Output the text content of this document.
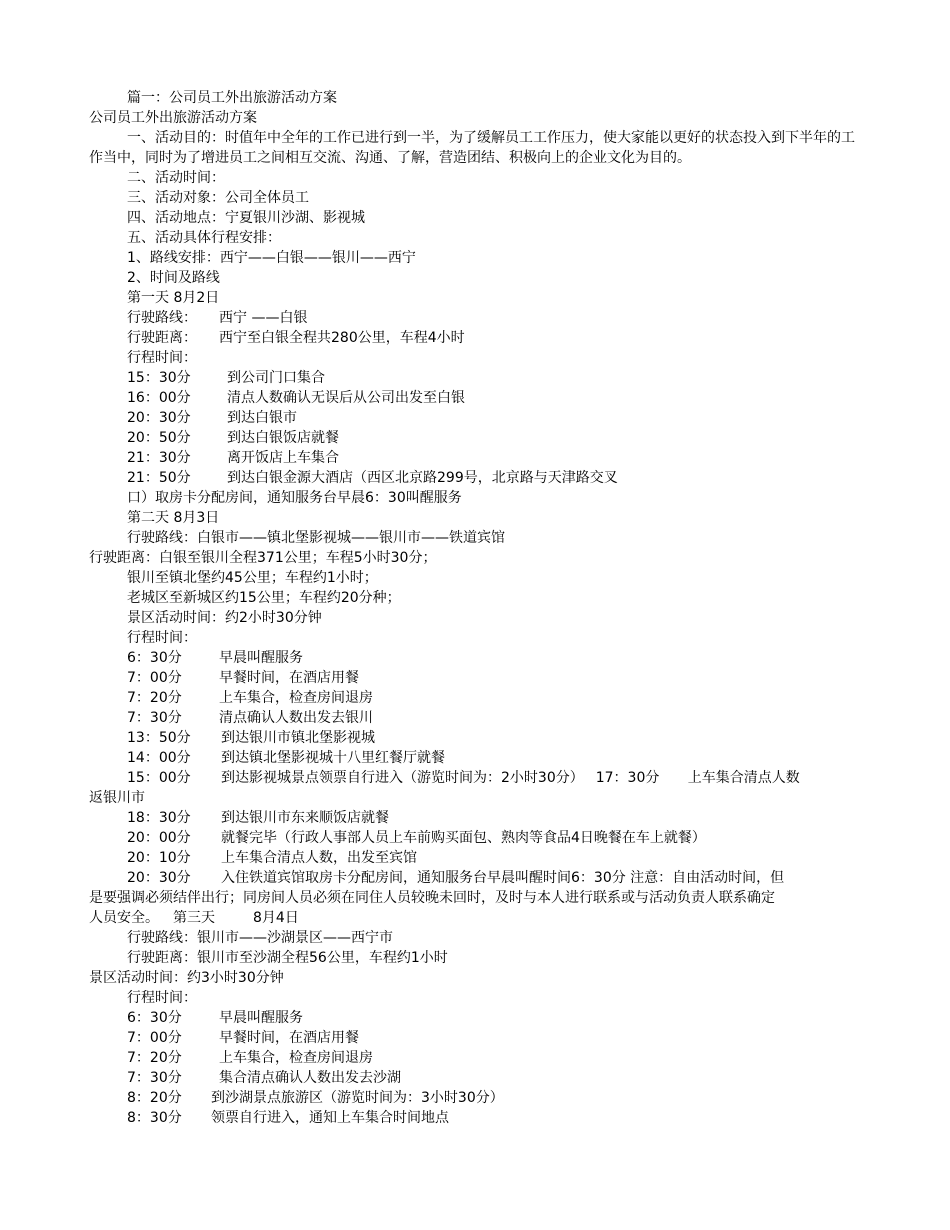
篇一：公司员工外出旅游活动方案

公司员工外出旅游活动方案

一、活动目的：时值年中全年的工作已进行到一半，为了缓解员工工作压力，使大家能以更好的状态投入到下半年的工作当中，同时为了增进员工之间相互交流、沟通、了解，营造团结、积极向上的企业文化为目的。

二、活动时间：

三、活动对象：公司全体员工

四、活动地点：宁夏银川沙湖、影视城

五、活动具体行程安排：

1、路线安排：西宁——白银——银川——西宁

2、时间及路线

第一天 8月2日

行驶路线： 西宁 ——白银

行驶距离： 西宁至白银全程共280公里，车程4小时

行程时间：

15：30分	到公司门口集合

16：00分	清点人数确认无误后从公司出发至白银

20：30分	到达白银市

20：50分	到达白银饭店就餐

21：30分	离开饭店上车集合

21：50分	到达白银金源大酒店（西区北京路299号，北京路与天津路交叉

口）取房卡分配房间，通知服务台早晨6：30叫醒服务

第二天 8月3日

行驶路线：白银市——镇北堡影视城——银川市——铁道宾馆

行驶距离：白银至银川全程371公里；车程5小时30分；

银川至镇北堡约45公里；车程约1小时；

老城区至新城区约15公里；车程约20分种；

景区活动时间：约2小时30分钟

行程时间：

6：30分	早晨叫醒服务

7：00分	早餐时间，在酒店用餐

7：20分	上车集合，检查房间退房

7：30分	清点确认人数出发去银川

13：50分 到达银川市镇北堡影视城

14：00分 到达镇北堡影视城十八里红餐厅就餐

15：00分 到达影视城景点领票自行进入（游览时间为：2小时30分） 17：30分 上车集合清点人数

返银川市

18：30分 到达银川市东来顺饭店就餐

20：00分 就餐完毕（行政人事部人员上车前购买面包、熟肉等食品4日晚餐在车上就餐）

20：10分 上车集合清点人数，出发至宾馆

20：30分 入住铁道宾馆取房卡分配房间，通知服务台早晨叫醒时间6：30分 注意：自由活动时间，但

是要强调必须结伴出行；同房间人员必须在同住人员较晚未回时，及时与本人进行联系或与活动负责人联系确定

人员安全。 第三天	8月4日

行驶路线：银川市——沙湖景区——西宁市

行驶距离：银川市至沙湖全程56公里，车程约1小时

景区活动时间：约3小时30分钟

行程时间：

6：30分	早晨叫醒服务

7：00分	早餐时间，在酒店用餐

7：20分	上车集合，检查房间退房

7：30分	集合清点确认人数出发去沙湖

8：20分 到沙湖景点旅游区（游览时间为：3小时30分）

8：30分 领票自行进入，通知上车集合时间地点
